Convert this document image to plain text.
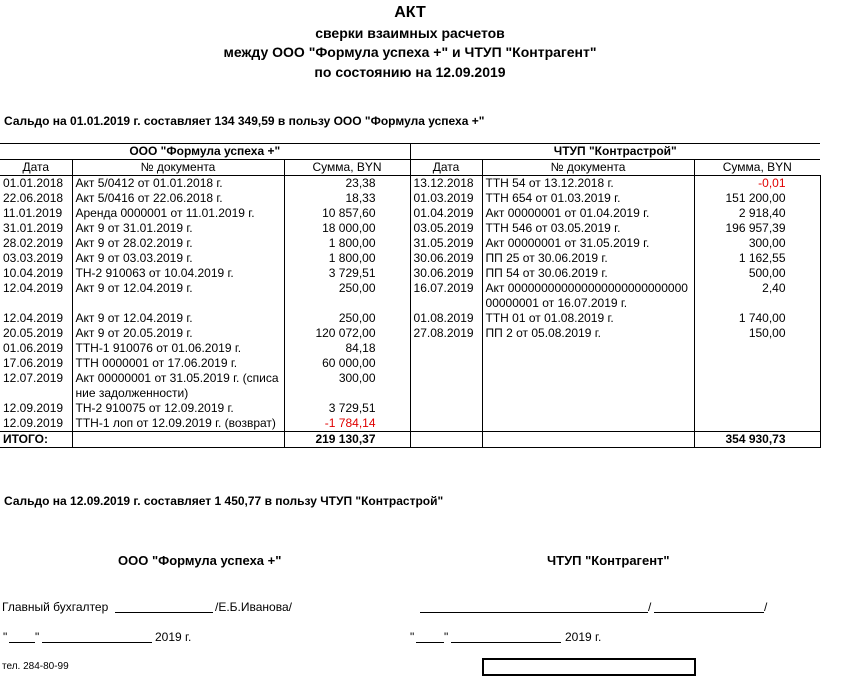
АКТ
сверки взаимных расчетов
между ООО "Формула успеха +" и ЧТУП "Контрагент"
по состоянию на 12.09.2019
Сальдо на 01.01.2019 г. составляет 134 349,59 в пользу ООО "Формула успеха +"
ООО "Формула успеха +"			ЧТУП "Контрастрой"		
Дата	№ документа	Сумма, BYN	Дата	№ документа	Сумма, BYN
01.01.2018	Акт 5/0412 от 01.01.2018 г.	23,38	13.12.2018	ТТН 54 от 13.12.2018 г.	-0,01
22.06.2018	Акт 5/0416 от 22.06.2018 г.	18,33	01.03.2019	ТТН 654 от 01.03.2019 г.	151 200,00
11.01.2019	Аренда 0000001 от 11.01.2019 г.	10 857,60	01.04.2019	Акт 00000001 от 01.04.2019 г.	2 918,40
31.01.2019	Акт 9 от 31.01.2019 г.	18 000,00	03.05.2019	ТТН 546 от 03.05.2019 г.	196 957,39
28.02.2019	Акт 9 от 28.02.2019 г.	1 800,00	31.05.2019	Акт 00000001 от 31.05.2019 г.	300,00
03.03.2019	Акт 9 от 03.03.2019 г.	1 800,00	30.06.2019	ПП 25 от 30.06.2019 г.	1 162,55
10.04.2019	ТН-2 910063 от 10.04.2019 г.	3 729,51	30.06.2019	ПП 54 от 30.06.2019 г.	500,00
12.04.2019	Акт 9 от 12.04.2019 г.	250,00	16.07.2019	Акт 00000000000000000000000000000000001 от 16.07.2019 г.	2,40
12.04.2019	Акт 9 от 12.04.2019 г.	250,00	01.08.2019	ТТН 01 от 01.08.2019 г.	1 740,00
20.05.2019	Акт 9 от 20.05.2019 г.	120 072,00	27.08.2019	ПП 2 от 05.08.2019 г.	150,00
01.06.2019	ТТН-1 910076 от 01.06.2019 г.	84,18			
17.06.2019	ТТН 0000001 от 17.06.2019 г.	60 000,00			
12.07.2019	Акт 00000001 от 31.05.2019 г. (списание задолженности)	300,00			
12.09.2019	ТН-2 910075 от 12.09.2019 г.	3 729,51			
12.09.2019	ТТН-1 лоп от 12.09.2019 г. (возврат)	-1 784,14			
ИТОГО:		219 130,37			354 930,73
Сальдо на 12.09.2019 г. составляет 1 450,77 в пользу ЧТУП "Контрастрой"
ООО "Формула успеха +"	ЧТУП "Контрагент"
Главный бухгалтер	/Е.Б.Иванова/	/	/
" "	2019 г.	" "	2019 г.
тел. 284-80-99
